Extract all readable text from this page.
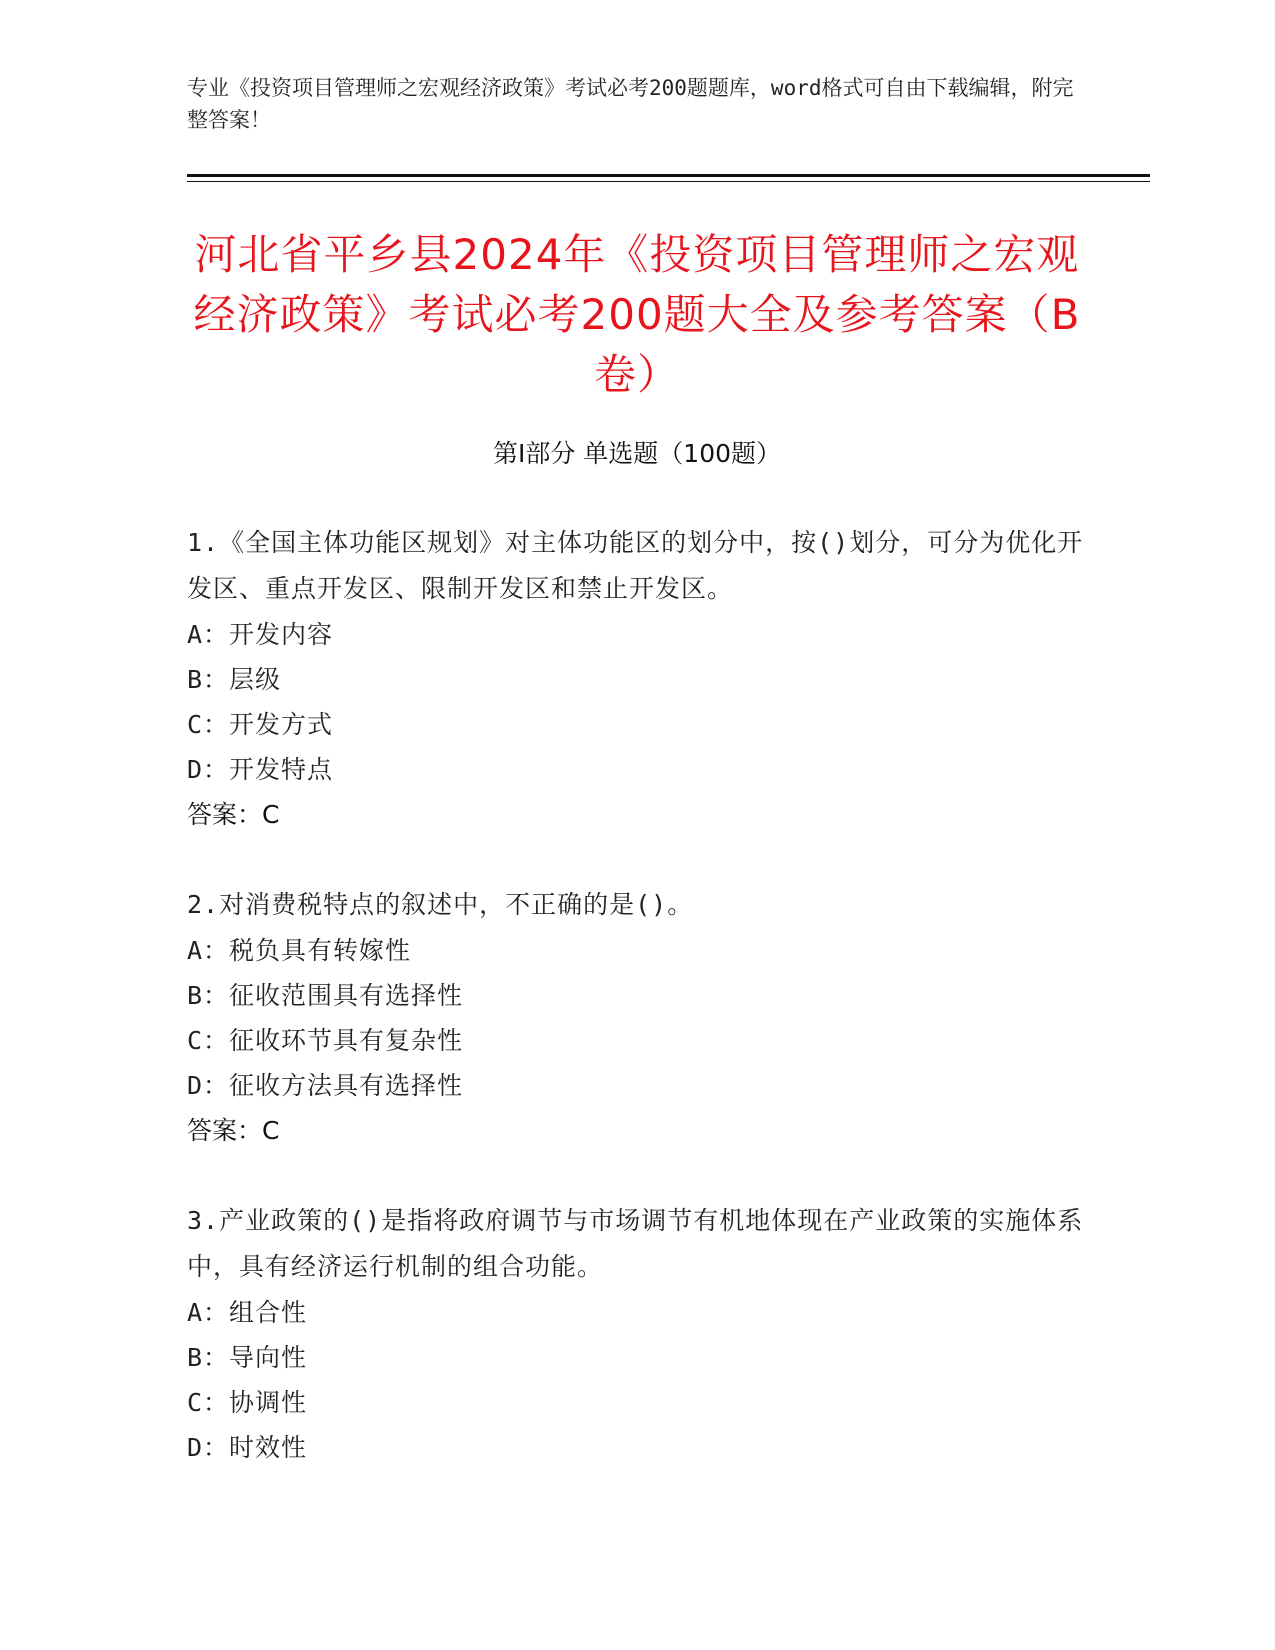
专业《投资项目管理师之宏观经济政策》考试必考200题题库，word格式可自由下载编辑，附完整答案！
河北省平乡县2024年《投资项目管理师之宏观经济政策》考试必考200题大全及参考答案（B卷）
第Ⅰ部分 单选题（100题）
1.《全国主体功能区规划》对主体功能区的划分中，按()划分，可分为优化开发区、重点开发区、限制开发区和禁止开发区。
A：开发内容
B：层级
C：开发方式
D：开发特点
答案：C
2.对消费税特点的叙述中，不正确的是()。
A：税负具有转嫁性
B：征收范围具有选择性
C：征收环节具有复杂性
D：征收方法具有选择性
答案：C
3.产业政策的()是指将政府调节与市场调节有机地体现在产业政策的实施体系中，具有经济运行机制的组合功能。
A：组合性
B：导向性
C：协调性
D：时效性
